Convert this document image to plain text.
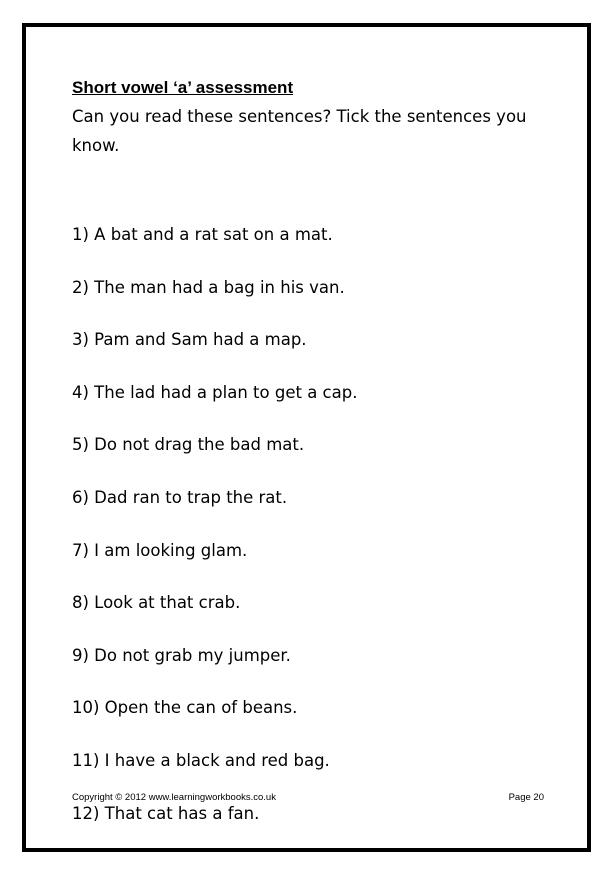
Short vowel ‘a’ assessment

Can you read these sentences? Tick the sentences you know.

1) A bat and a rat sat on a mat.
2) The man had a bag in his van.
3) Pam and Sam had a map.
4) The lad had a plan to get a cap.
5) Do not drag the bad mat.
6) Dad ran to trap the rat.
7) I am looking glam.
8) Look at that crab.
9) Do not grab my jumper.
10) Open the can of beans.
11) I have a black and red bag.
12) That cat has a fan.
Copyright © 2012 www.learningworkbooks.co.uk	Page 20
